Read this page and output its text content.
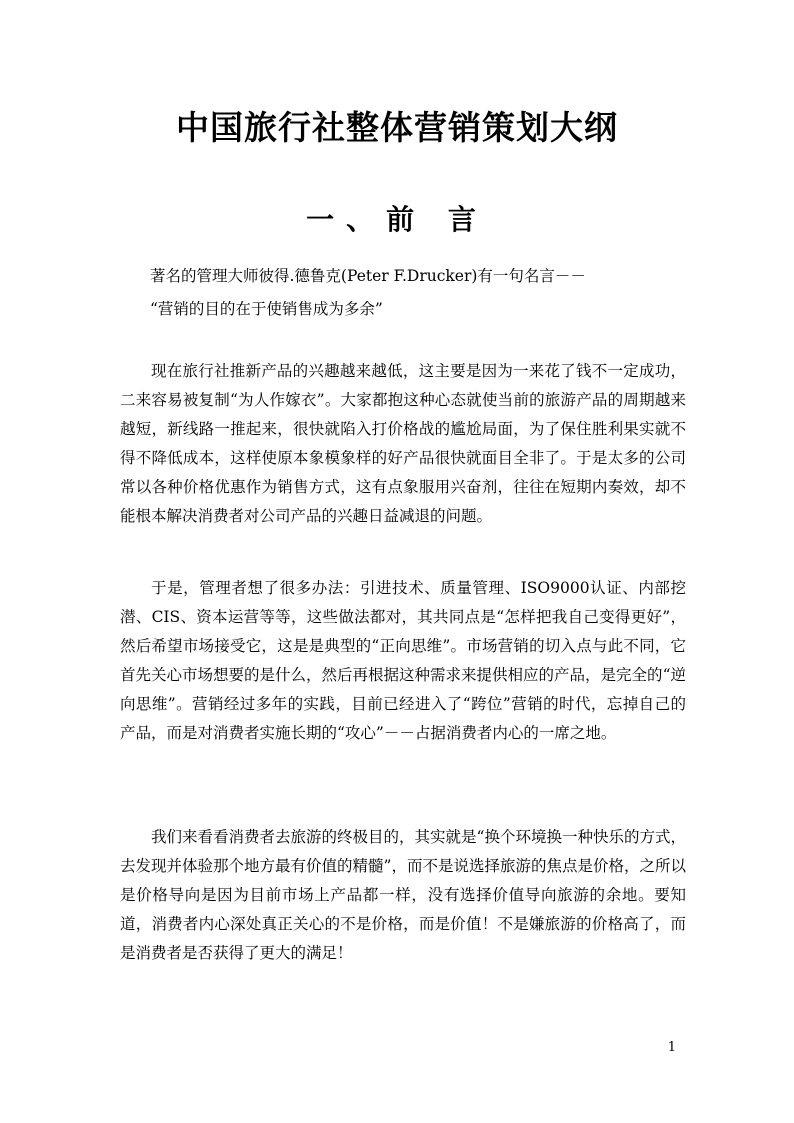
中国旅行社整体营销策划大纲
一、前 言

著名的管理大师彼得.德鲁克(Peter F.Drucker)有一句名言－－

“营销的目的在于使销售成为多余”

现在旅行社推新产品的兴趣越来越低，这主要是因为一来花了钱不一定成功，二来容易被复制“为人作嫁衣”。大家都抱这种心态就使当前的旅游产品的周期越来越短，新线路一推起来，很快就陷入打价格战的尴尬局面，为了保住胜利果实就不得不降低成本，这样使原本象模象样的好产品很快就面目全非了。于是太多的公司常以各种价格优惠作为销售方式，这有点象服用兴奋剂，往往在短期内奏效，却不能根本解决消费者对公司产品的兴趣日益减退的问题。

于是，管理者想了很多办法：引进技术、质量管理、ISO9000认证、内部挖潜、CIS、资本运营等等，这些做法都对，其共同点是“怎样把我自己变得更好”，然后希望市场接受它，这是是典型的“正向思维”。市场营销的切入点与此不同，它首先关心市场想要的是什么，然后再根据这种需求来提供相应的产品，是完全的“逆向思维”。营销经过多年的实践，目前已经进入了“跨位”营销的时代，忘掉自己的产品，而是对消费者实施长期的“攻心”－－占据消费者内心的一席之地。

我们来看看消费者去旅游的终极目的，其实就是“换个环境换一种快乐的方式，去发现并体验那个地方最有价值的精髓”，而不是说选择旅游的焦点是价格，之所以是价格导向是因为目前市场上产品都一样，没有选择价值导向旅游的余地。要知道，消费者内心深处真正关心的不是价格，而是价值！不是嫌旅游的价格高了，而是消费者是否获得了更大的满足！

1
